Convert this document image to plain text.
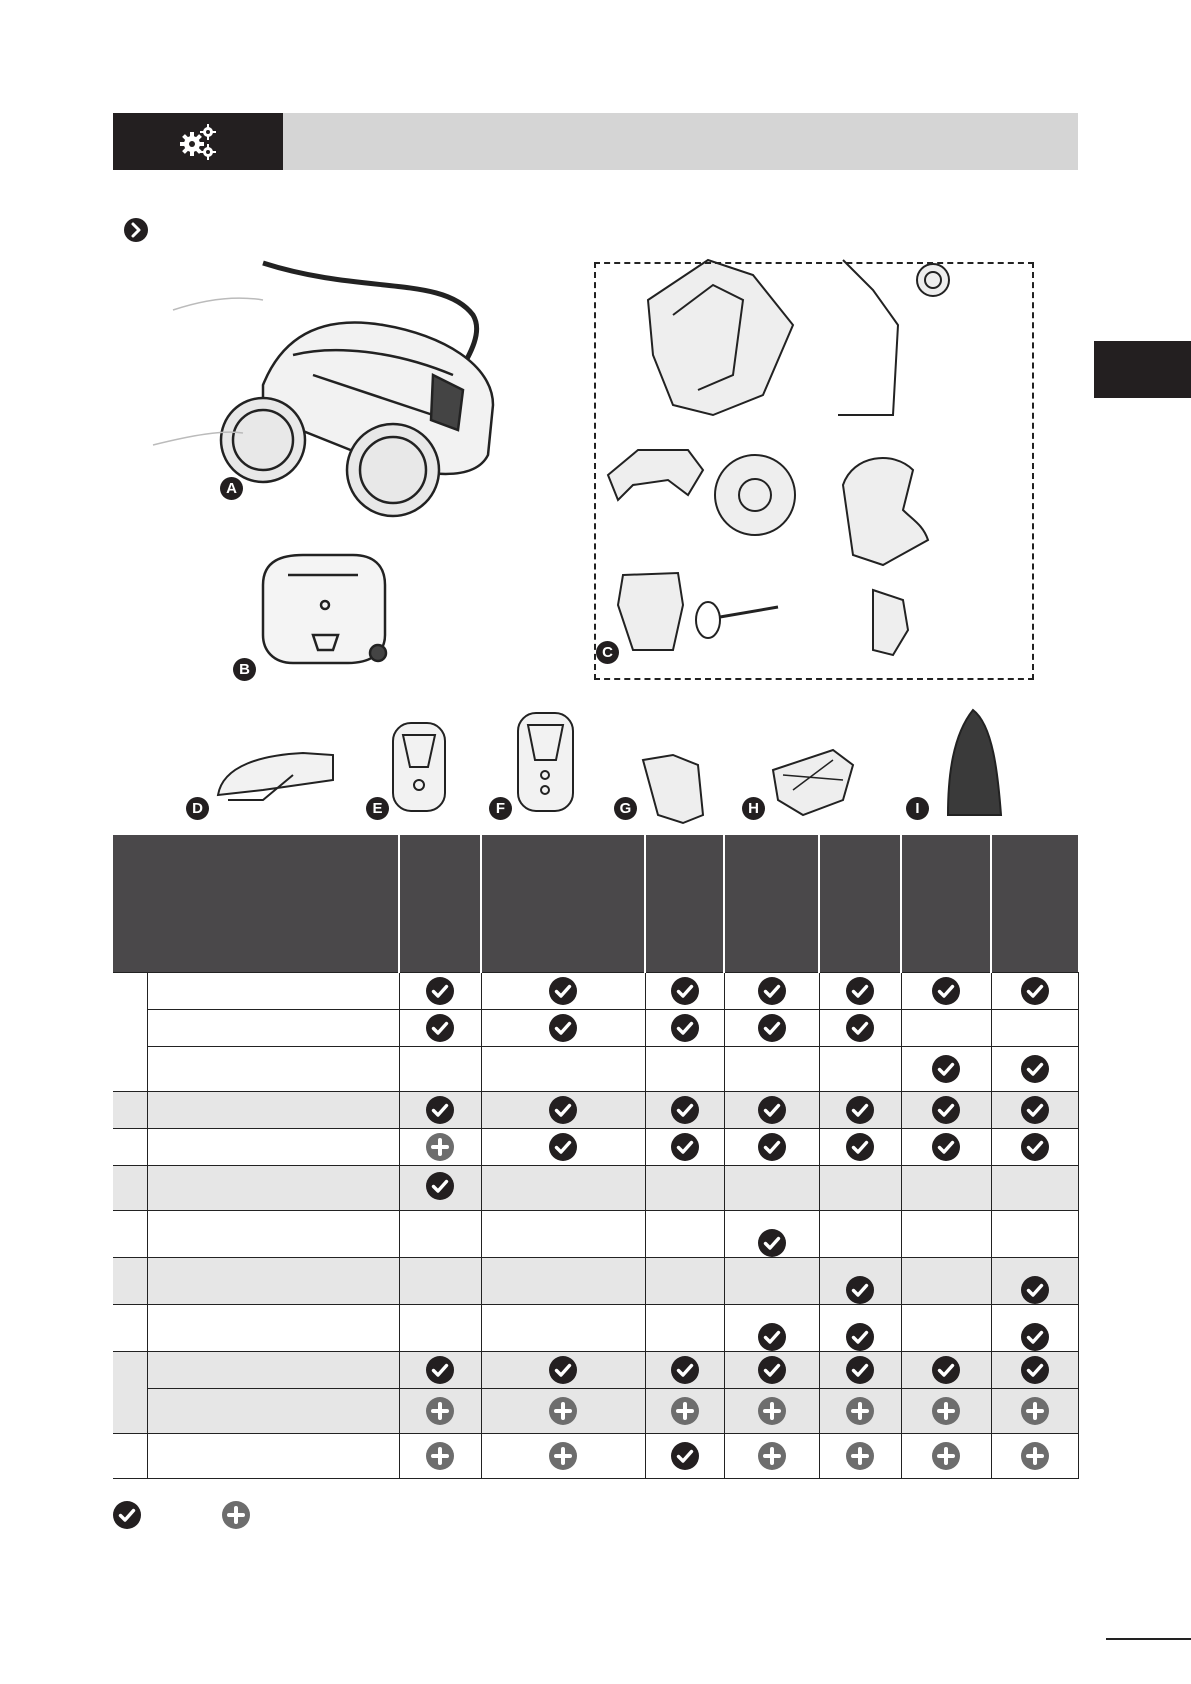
A
B
C
D	E	F	G	H	I
